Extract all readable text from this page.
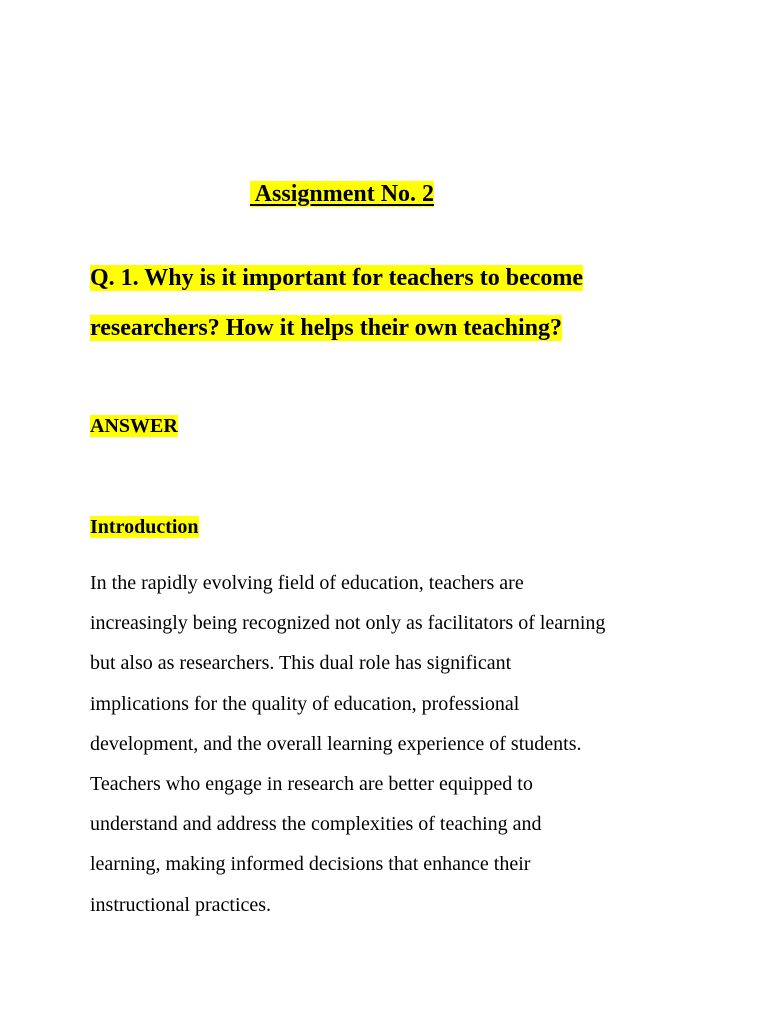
Assignment No. 2

Q. 1. Why is it important for teachers to become
researchers? How it helps their own teaching?
ANSWER
Introduction
In the rapidly evolving field of education, teachers are
increasingly being recognized not only as facilitators of learning
but also as researchers. This dual role has significant
implications for the quality of education, professional
development, and the overall learning experience of students.
Teachers who engage in research are better equipped to
understand and address the complexities of teaching and
learning, making informed decisions that enhance their
instructional practices.
